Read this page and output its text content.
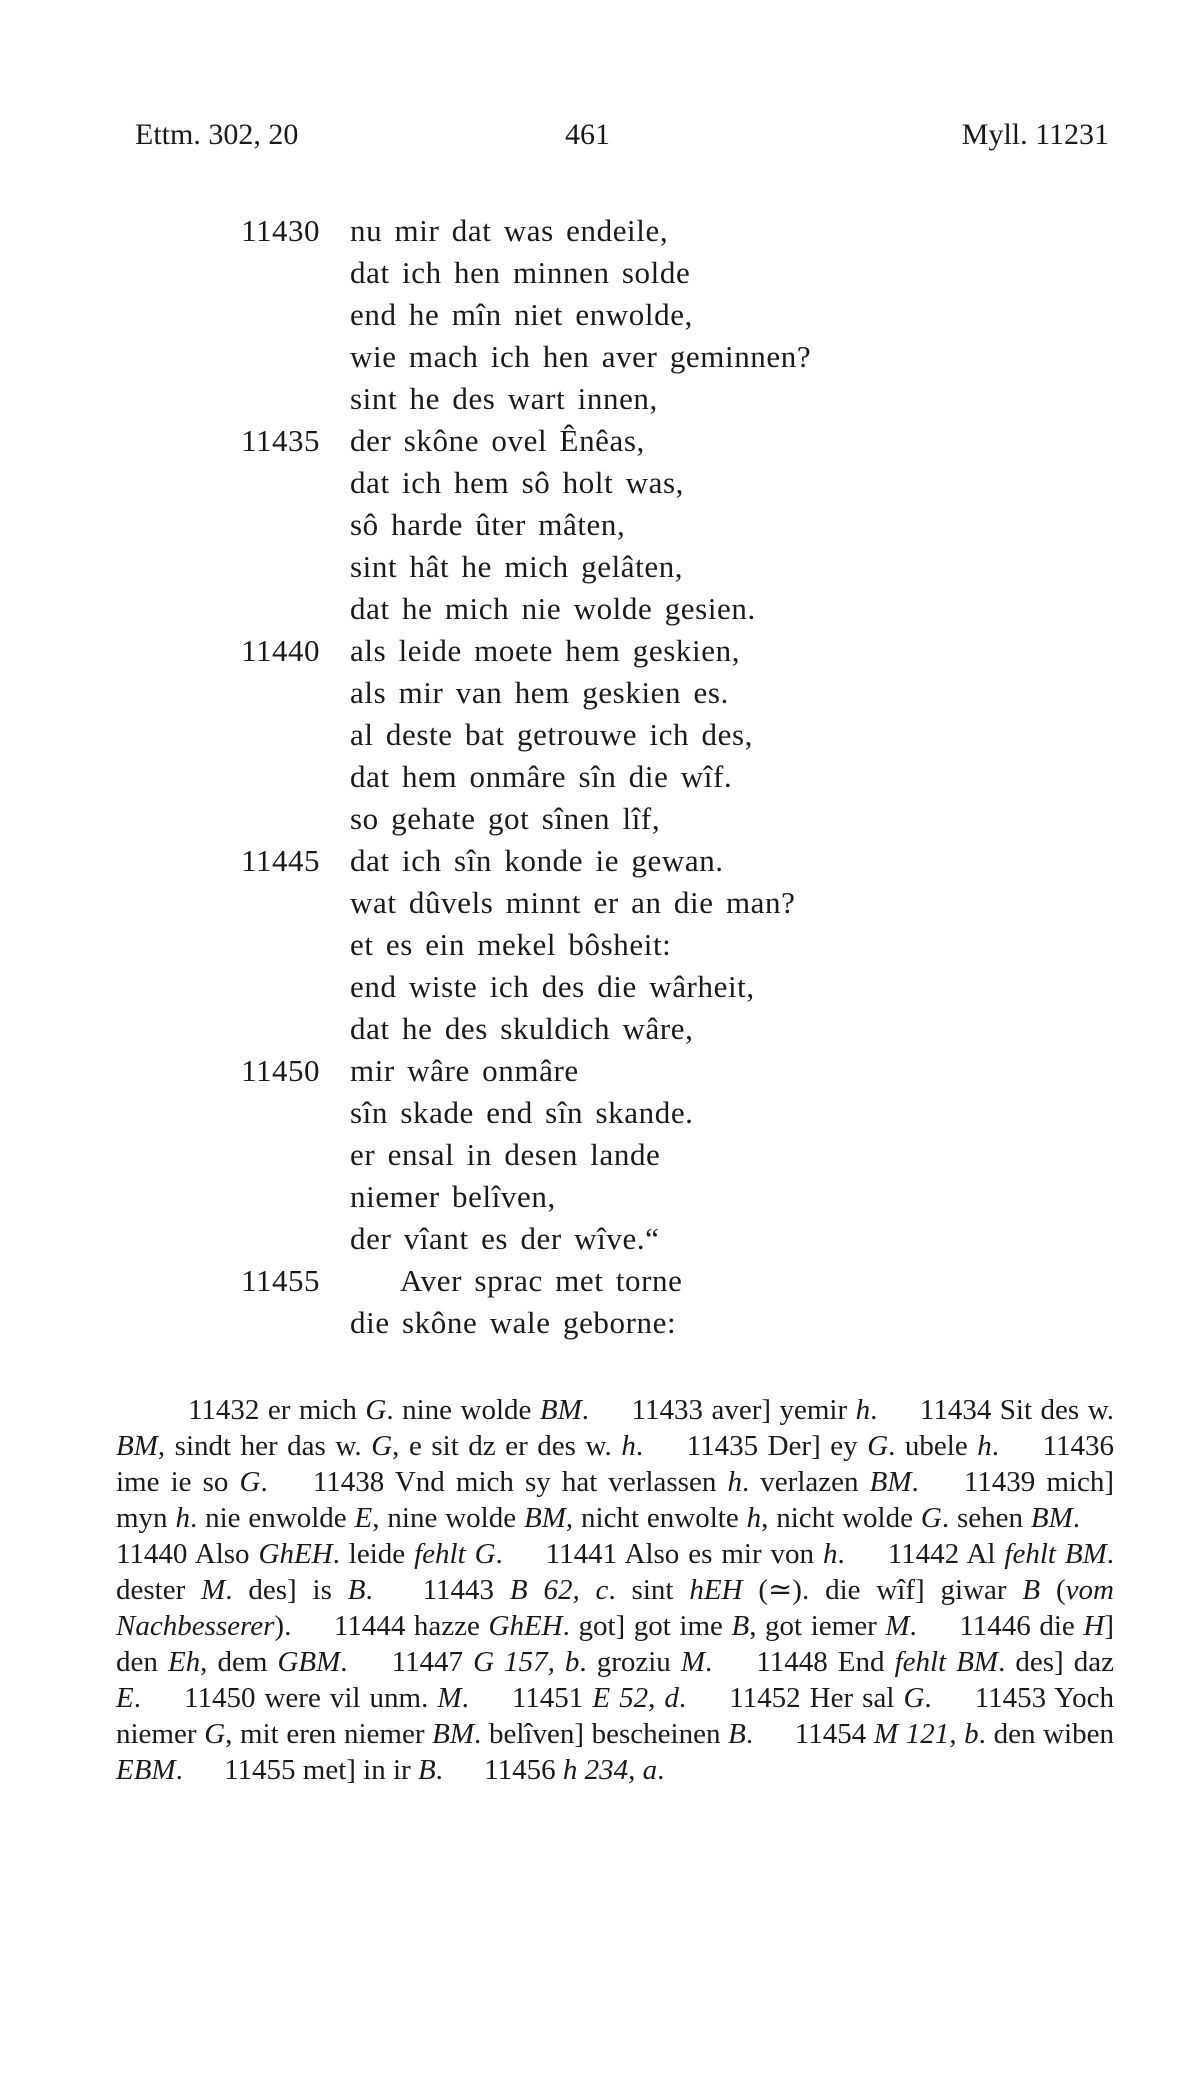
Ettm. 302, 20	461	Myll. 11231
11430 nu mir dat was endeile,
dat ich hen minnen solde
end he mîn niet enwolde,
wie mach ich hen aver geminnen?
sint he des wart innen,
11435 der skône ovel Ênêas,
dat ich hem sô holt was,
sô harde ûter mâten,
sint hât he mich gelâten,
dat he mich nie wolde gesien.
11440 als leide moete hem geskien,
als mir van hem geskien es.
al deste bat getrouwe ich des,
dat hem onmâre sîn die wîf.
so gehate got sînen lîf,
11445 dat ich sîn konde ie gewan.
wat dûvels minnt er an die man?
et es ein mekel bôsheit:
end wiste ich des die wârheit,
dat he des skuldich wâre,
11450 mir wâre onmâre
sîn skade end sîn skande.
er ensal in desen lande
niemer belîven,
der vîant es der wîve.“
11455	Aver sprac met torne
die skône wale geborne:
11432 er mich G. nine wolde BM. 11433 aver] yemir h. 11434 Sit des w. BM, sindt her das w. G, e sit dz er des w. h. 11435 Der] ey G. ubele h. 11436 ime ie so G. 11438 Vnd mich sy hat verlassen h. verlazen BM. 11439 mich] myn h. nie enwolde E, nine wolde BM, nicht enwolte h, nicht wolde G. sehen BM. 11440 Also GhEH. leide fehlt G. 11441 Also es mir von h. 11442 Al fehlt BM. dester M. des] is B. 11443 B 62, c. sint hEH (≃). die wîf] giwar B (vom Nachbesserer). 11444 hazze GhEH. got] got ime B, got iemer M. 11446 die H] den Eh, dem GBM. 11447 G 157, b. groziu M. 11448 End fehlt BM. des] daz E. 11450 were vil unm. M. 11451 E 52, d. 11452 Her sal G. 11453 Yoch niemer G, mit eren niemer BM. belîven] bescheinen B. 11454 M 121, b. den wiben EBM. 11455 met] in ir B. 11456 h 234, a.
